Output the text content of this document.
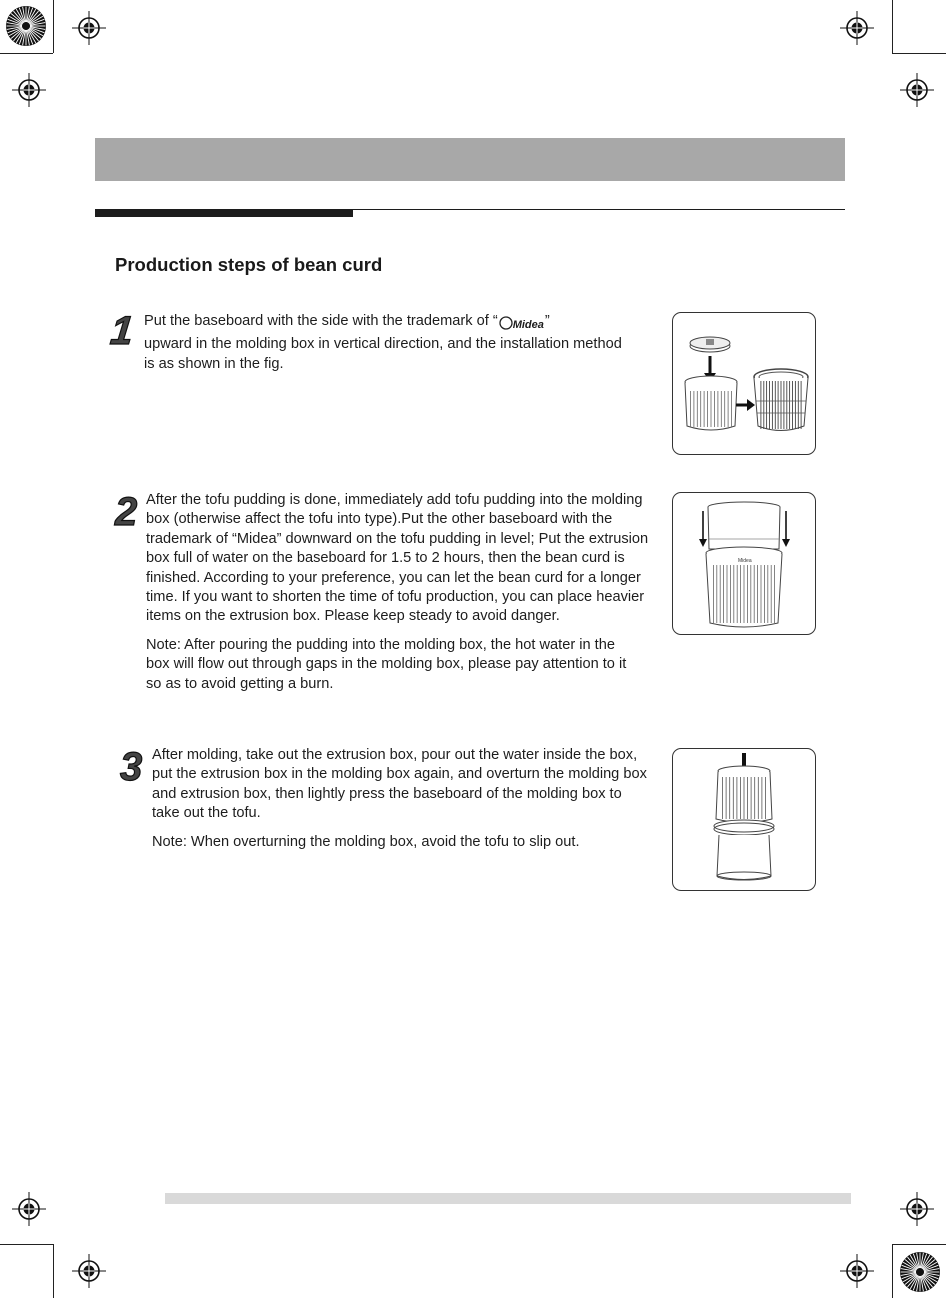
Production steps of bean curd
1 Put the baseboard with the side with the trademark of “ Midea”
upward in the molding box in vertical direction, and the installation method is as shown in the fig.

2 After the tofu pudding is done, immediately add tofu pudding into the molding box (otherwise affect the tofu into type).Put the other baseboard with the trademark of “Midea” downward on the tofu pudding in level; Put the extrusion box full of water on the baseboard for 1.5 to 2 hours, then the bean curd is finished. According to your preference, you can let the bean curd for a longer time. If you want to shorten the time of tofu production, you can place heavier items on the extrusion box. Please keep steady to avoid danger.

Note: After pouring the pudding into the molding box, the hot water in the box will flow out through gaps in the molding box, please pay attention to it so as to avoid getting a burn.

Midea
3 After molding, take out the extrusion box, pour out the water inside the box, put the extrusion box in the molding box again, and overturn the molding box and extrusion box, then lightly press the baseboard of the molding box to take out the tofu.

Note: When overturning the molding box, avoid the tofu to slip out.
